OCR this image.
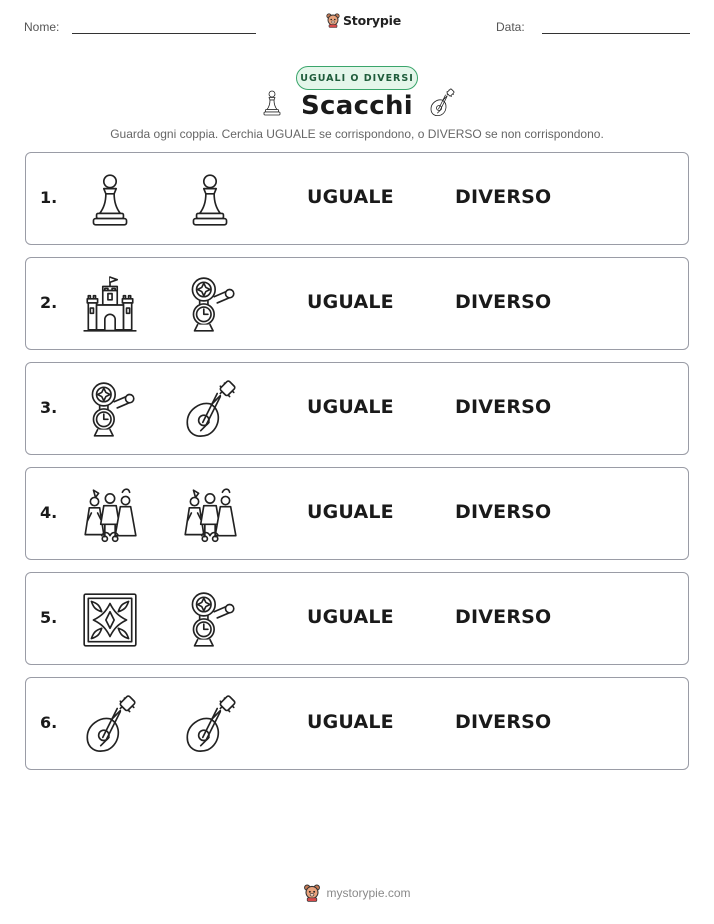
Nome:	Storypie	Data:
UGUALI O DIVERSI
Scacchi
Guarda ogni coppia. Cerchia UGUALE se corrispondono, o DIVERSO se non corrispondono.
1.	UGUALE	DIVERSO
2.	UGUALE	DIVERSO
3.	UGUALE	DIVERSO
4.	UGUALE	DIVERSO
5.	UGUALE	DIVERSO
6.	UGUALE	DIVERSO
mystorypie.com
